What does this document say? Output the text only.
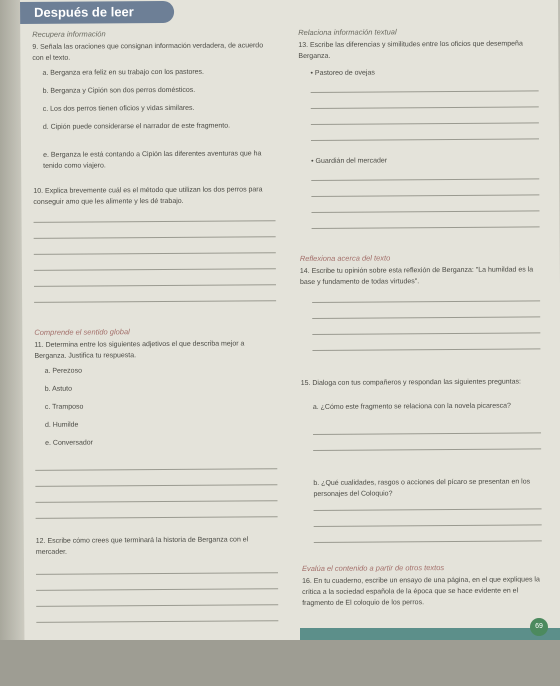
Después de leer
Recupera información
9. Señala las oraciones que consignan información verdadera, de acuerdo con el texto.
a. Berganza era feliz en su trabajo con los pastores.
b. Berganza y Cipión son dos perros domésticos.
c. Los dos perros tienen oficios y vidas similares.
d. Cipión puede considerarse el narrador de este fragmento.
e. Berganza le está contando a Cipión las diferentes aventuras que ha tenido como viajero.
10. Explica brevemente cuál es el método que utilizan los dos perros para conseguir amo que les alimente y les dé trabajo.
Comprende el sentido global
11. Determina entre los siguientes adjetivos el que describa mejor a Berganza. Justifica tu respuesta.
a. Perezoso
b. Astuto
c. Tramposo
d. Humilde
e. Conversador
12. Escribe cómo crees que terminará la historia de Berganza con el mercader.
Relaciona información textual
13. Escribe las diferencias y similitudes entre los oficios que desempeña Berganza.
• Pastoreo de ovejas
• Guardián del mercader
Reflexiona acerca del texto
14. Escribe tu opinión sobre esta reflexión de Berganza: "La humildad es la base y fundamento de todas virtudes".
15. Dialoga con tus compañeros y respondan las siguientes preguntas:
a. ¿Cómo este fragmento se relaciona con la novela picaresca?
b. ¿Qué cualidades, rasgos o acciones del pícaro se presentan en los personajes del Coloquio?
Evalúa el contenido a partir de otros textos
16. En tu cuaderno, escribe un ensayo de una página, en el que expliques la crítica a la sociedad española de la época que se hace evidente en el fragmento de El coloquio de los perros.
69
